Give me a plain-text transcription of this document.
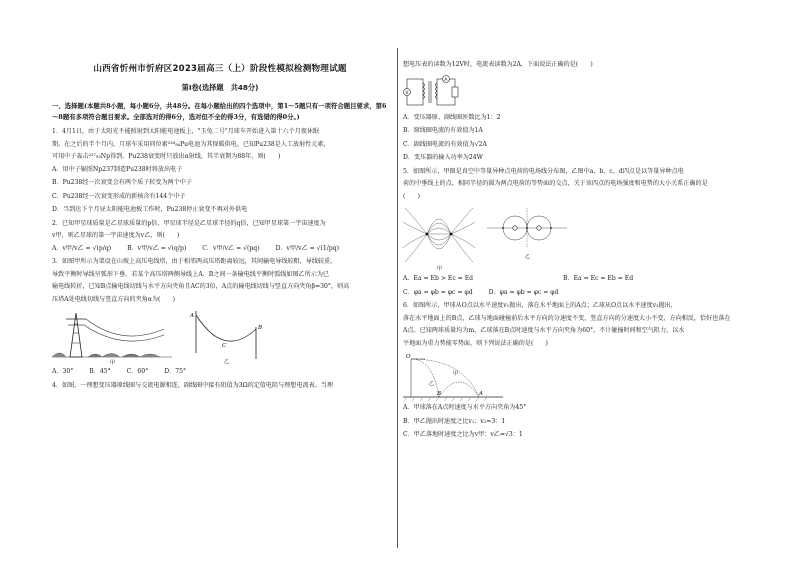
山西省忻州市忻府区2023届高三（上）阶段性模拟检测物理试题
第Ⅰ卷(选择题　共48分)
一、选择题(本题共8小题，每小题6分，共48分。在每小题给出的四个选项中，第1～5题只有一项符合题目要求，第6～8题有多项符合题目要求。全部选对的得6分，选对但不全的得3分，有选错的得0分。)

1．4月1日，由于太阳光不能照射到太阳能电池板上，"玉兔二号"月球车开始进入第十六个月夜休眠

期。在之后的半个月内，月球车采用同位素²³⁸₉₄Pu电池为其保暖供电。已知Pu238是人工放射性元素，

可用中子轰击²³⁷₉₃Np得到。Pu238衰变时只放出α射线，其半衰期为88年，则(　　)

A．用中子辐照Np237制造Pu238时将放出电子
B．Pu238经一次衰变会有两个质子转变为两个中子
C．Pu238经一次衰变形成的新核含有144个中子
D．当到达下个月昼太阳能电池板工作时，Pu238停止衰变不再对外供电

2．已知甲星球质量是乙星球质量的p倍，甲星球半径是乙星球半径的q倍，已知甲星球第一宇宙速度为

v甲，则乙星球的第一宇宙速度为v乙，则(　　)

A．v甲/v乙 = √(p/q)	B．v甲/v乙 = √(q/p)	C．v甲/v乙 = √(pq)	D．v甲/v乙 = √(1/pq)

3．如图甲所示为架设在山坡上高压电线塔，由于相邻两高压塔距离较远，其间输电导线较粗，导线较重，

导致平衡时导线呈弧形下垂。若某个高压塔两侧导线上A、B之间一条输电线平衡时弧线如图乙所示为已

输电线转折，已知B点输电线切线与水平方向夹角且AC的3倍，A点的输电线切线与竖直方向夹角β=30°，则高

压塔A处电线切线与竖直方向的夹角α为(　　)

甲
A
B
C
乙
A．30°	B．45°	C．60°	D．75°

4．如图，一理想变压器原线圈与交流电源相连，副线圈中接有阻值为3Ω的定值电阻与理想电流表。当理

想电压表的读数为12V时，电流表读数为2A，下面说法正确的是(　　)

V
A
A．变压器原、副线圈匝数比为1：2
B．原线圈电流的有效值为1A
C．副线圈电流的有效值为√2A
D．变压器的输入功率为24W

5．如图所示，甲图是真空中等量异种点电荷的电场线分布图，乙图中a、b、c、d四点是以等量异种点电

荷的中垂线上的点，相同半径的圆为两点电荷的等势面的交点，关于该四点的电场强度和电势的大小关系正确的是

(　　)

甲
乙
A．Ea = Eb > Ec = Ed	B．Ea = Ec = Eb = Ed
C．φa = φb = φc = φd	D．φa = φb = φc = φd

6．如图所示，甲球从O点以水平速度v₁抛出，落在水平地面上的A点；乙球从O点以水平速度v₂抛出，

落在水平地面上的B点，乙球与地面碰撞前后水平方向的分速度不变，竖直方向的分速度大小不变、方向相反，恰好也落在

A点。已知两球质量均为m，乙球落在B点时速度与水平方向夹角为60°，不计碰撞时间和空气阻力，以水

平地面为重力势能零势面，则下列说法正确的是(　　)

O
B	A
甲
乙
A．甲球落在A点时速度与水平方向夹角为45°
B．甲乙抛出时速度之比v₁：v₂=3：1
C．甲乙落地时速度之比为v甲：v乙=√3：1
